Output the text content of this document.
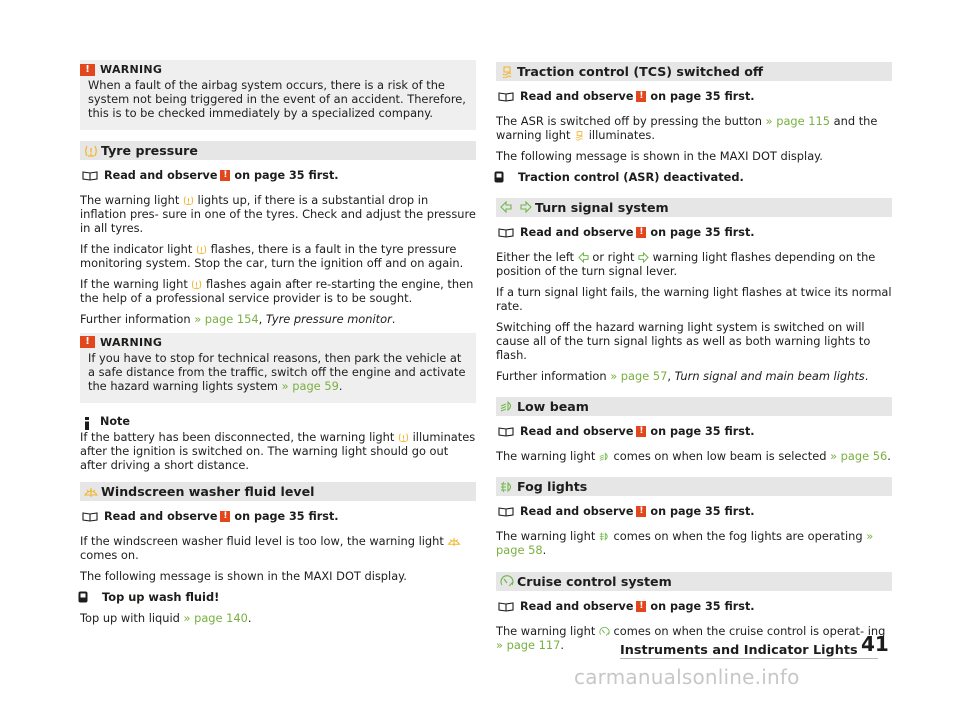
! WARNING

When a fault of the airbag system occurs, there is a risk of the system not being triggered in the event of an accident. Therefore, this is to be checked immediately by a specialized company.

Tyre pressure
Read and observe ! on page 35 first.

The warning light lights up, if there is a substantial drop in inflation pres- sure in one of the tyres. Check and adjust the pressure in all tyres.

If the indicator light flashes, there is a fault in the tyre pressure monitoring system. Stop the car, turn the ignition off and on again.

If the warning light flashes again after re-starting the engine, then the help of a professional service provider is to be sought.

Further information » page 154, Tyre pressure monitor.

! WARNING

If you have to stop for technical reasons, then park the vehicle at a safe distance from the traffic, switch off the engine and activate the hazard warning lights system » page 59.

Note

If the battery has been disconnected, the warning light illuminates after the ignition is switched on. The warning light should go out after driving a short distance.

Windscreen washer fluid level
Read and observe ! on page 35 first.

If the windscreen washer fluid level is too low, the warning light
comes on.

The following message is shown in the MAXI DOT display.

Top up wash fluid!

Top up with liquid » page 140.

Traction control (TCS) switched off
Read and observe ! on page 35 first.

The ASR is switched off by pressing the button » page 115 and the warning light illuminates.

The following message is shown in the MAXI DOT display.

Traction control (ASR) deactivated.

Turn signal system
Read and observe ! on page 35 first.

Either the left or right warning light flashes depending on the position of the turn signal lever.

If a turn signal light fails, the warning light flashes at twice its normal rate.

Switching off the hazard warning light system is switched on will cause all of the turn signal lights as well as both warning lights to flash.

Further information » page 57, Turn signal and main beam lights.

Low beam
Read and observe ! on page 35 first.

The warning light comes on when low beam is selected » page 56.

Fog lights
Read and observe ! on page 35 first.

The warning light comes on when the fog lights are operating » page 58.

Cruise control system
Read and observe ! on page 35 first.

The warning light comes on when the cruise control is operat- ing » page 117.	Instruments and Indicator Lights 41
carmanualsonline.info
